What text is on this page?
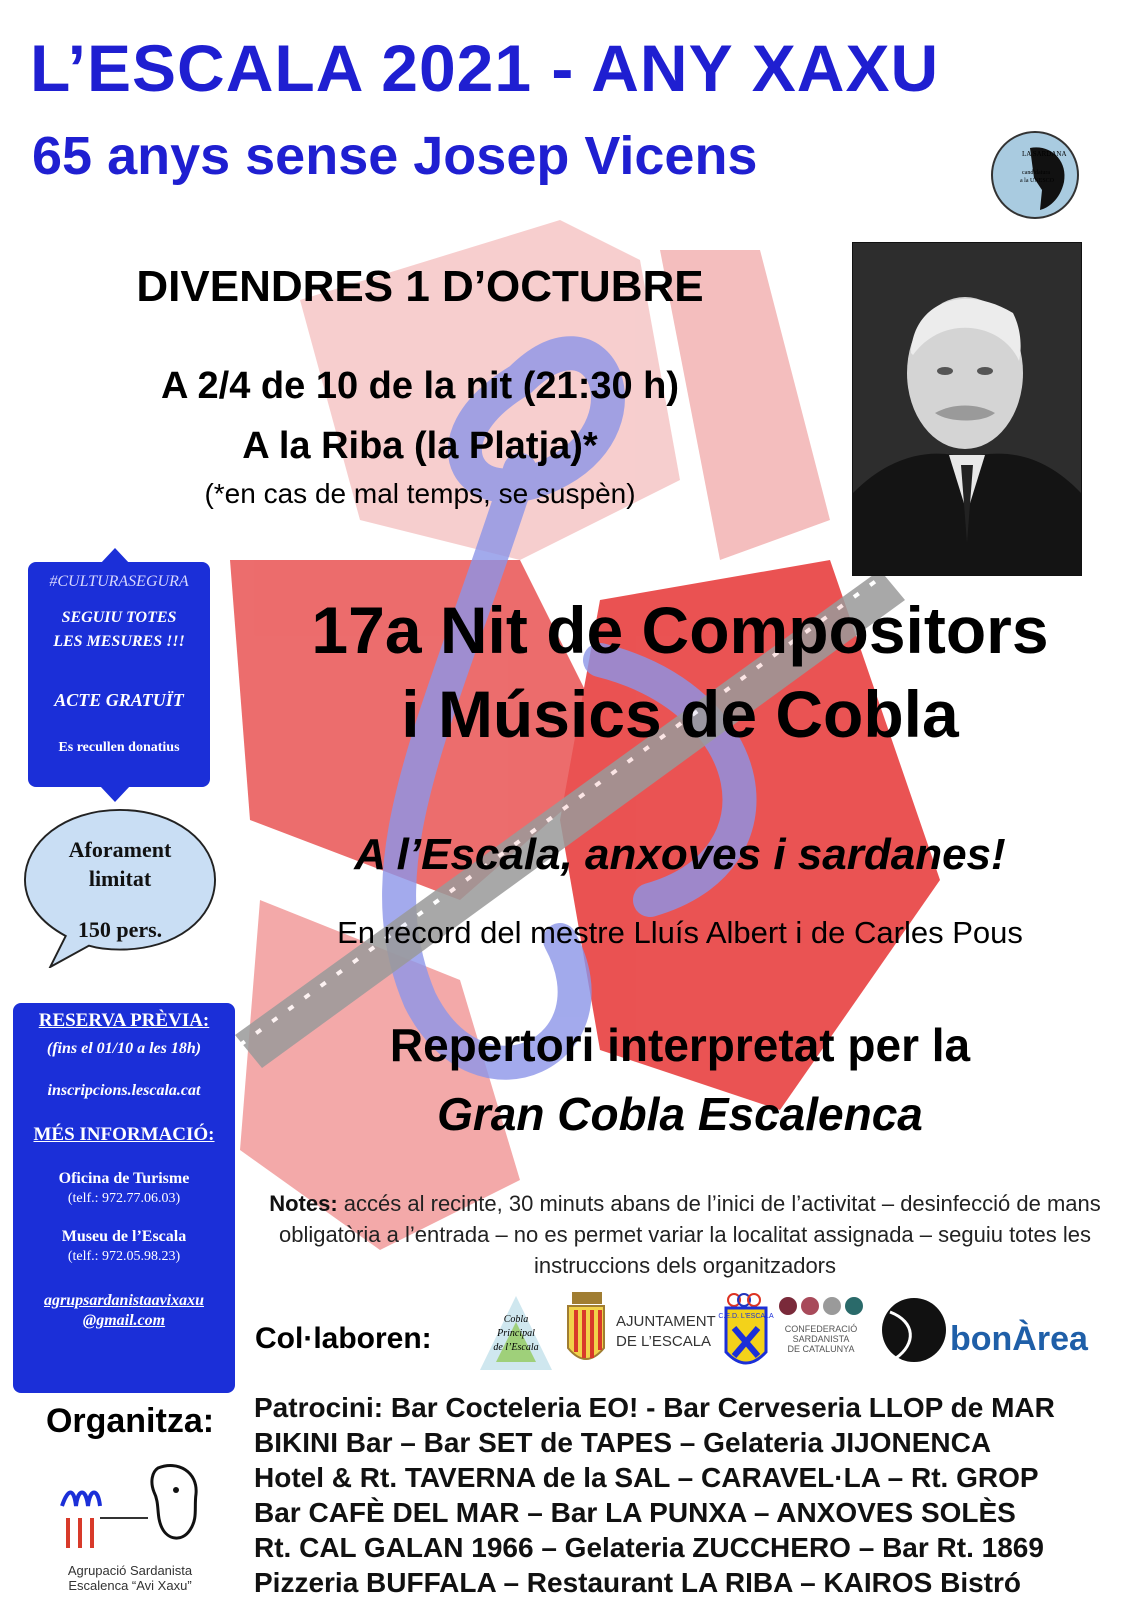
L’ESCALA 2021 - ANY XAXU
65 anys sense Josep Vicens	LA SARDANA
candidatura
a la UNESCO
DIVENDRES 1 D’OCTUBRE
A 2/4 de 10 de la nit (21:30 h)
A la Riba (la Platja)*
(*en cas de mal temps, se suspèn)
#CULTURASEGURA
SEGUIU TOTES
LES MESURES !!!
ACTE GRATUÏT
Es recullen donatius
Aforament
limitat
150 pers.
17a Nit de Compositors
i Músics de Cobla
A l’Escala, anxoves i sardanes!
En record del mestre Lluís Albert i de Carles Pous
Repertori interpretat per la
Gran Cobla Escalenca
RESERVA PRÈVIA:
(fins el 01/10 a les 18h)
inscripcions.lescala.cat
MÉS INFORMACIÓ:
Oficina de Turisme
(telf.: 972.77.06.03)
Museu de l’Escala
(telf.: 972.05.98.23)
agrupsardanistaavixaxu
@gmail.com
Notes: accés al recinte, 30 minuts abans de l’inici de l’activitat – desinfecció de mans obligatòria a l’entrada – no es permet variar la localitat assignada – seguiu totes les instruccions dels organitzadors
Col·laboren:
Cobla
Principal
de l’Escala
AJUNTAMENT
DE L’ESCALA
C.E.D. L’ESCALA
CONFEDERACIÓ
SARDANISTA
DE CATALUNYA	bonÀrea
Patrocini: Bar Cocteleria EO! - Bar Cerveseria LLOP de MAR
BIKINI Bar – Bar SET de TAPES – Gelateria JIJONENCA
Hotel & Rt. TAVERNA de la SAL – CARAVEL·LA – Rt. GROP
Bar CAFÈ DEL MAR – Bar LA PUNXA – ANXOVES SOLÈS
Rt. CAL GALAN 1966 – Gelateria ZUCCHERO – Bar Rt. 1869
Pizzeria BUFFALA – Restaurant LA RIBA – KAIROS Bistró
Organitza:
Agrupació Sardanista
Escalenca “Avi Xaxu”
